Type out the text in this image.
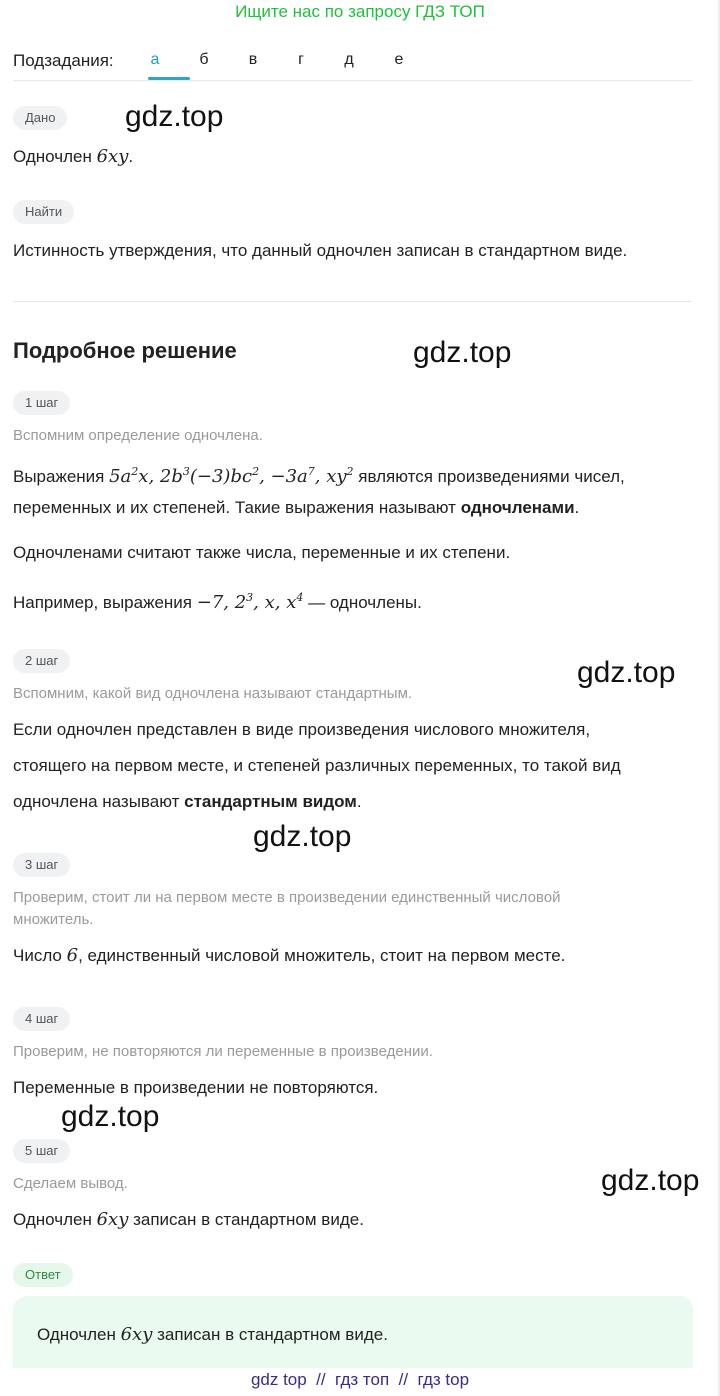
Ищите нас по запросу ГДЗ ТОП
Подзадания:	а	б	в	г	д	е
Дано
Одночлен 6xy.
Найти
Истинность утверждения, что данный одночлен записан в стандартном виде.
Подробное решение
1 шаг
Вспомним определение одночлена.
Выражения $5a^2x$, $2b^3(-3)bc^2$, $-3a^7$, $xy^2$ являются произведениями чисел,
переменных и их степеней. Такие выражения называют одночленами.
Одночленами считают также числа, переменные и их степени.
Например, выражения −7, $2^3$, x, $x^4$ — одночлены.
2 шаг
Вспомним, какой вид одночлена называют стандартным.
Если одночлен представлен в виде произведения числового множителя,
стоящего на первом месте, и степеней различных переменных, то такой вид
одночлена называют стандартным видом.
3 шаг
Проверим, стоит ли на первом месте в произведении единственный числовой
множитель.
Число 6, единственный числовой множитель, стоит на первом месте.
4 шаг
Проверим, не повторяются ли переменные в произведении.
Переменные в произведении не повторяются.
5 шаг
Сделаем вывод.
Одночлен 6xy записан в стандартном виде.
Ответ
Одночлен 6xy записан в стандартном виде.
gdz.top
gdz.top
gdz.top
gdz.top
gdz.top
gdz.top
gdz top  //  гдз топ  //  гдз top
